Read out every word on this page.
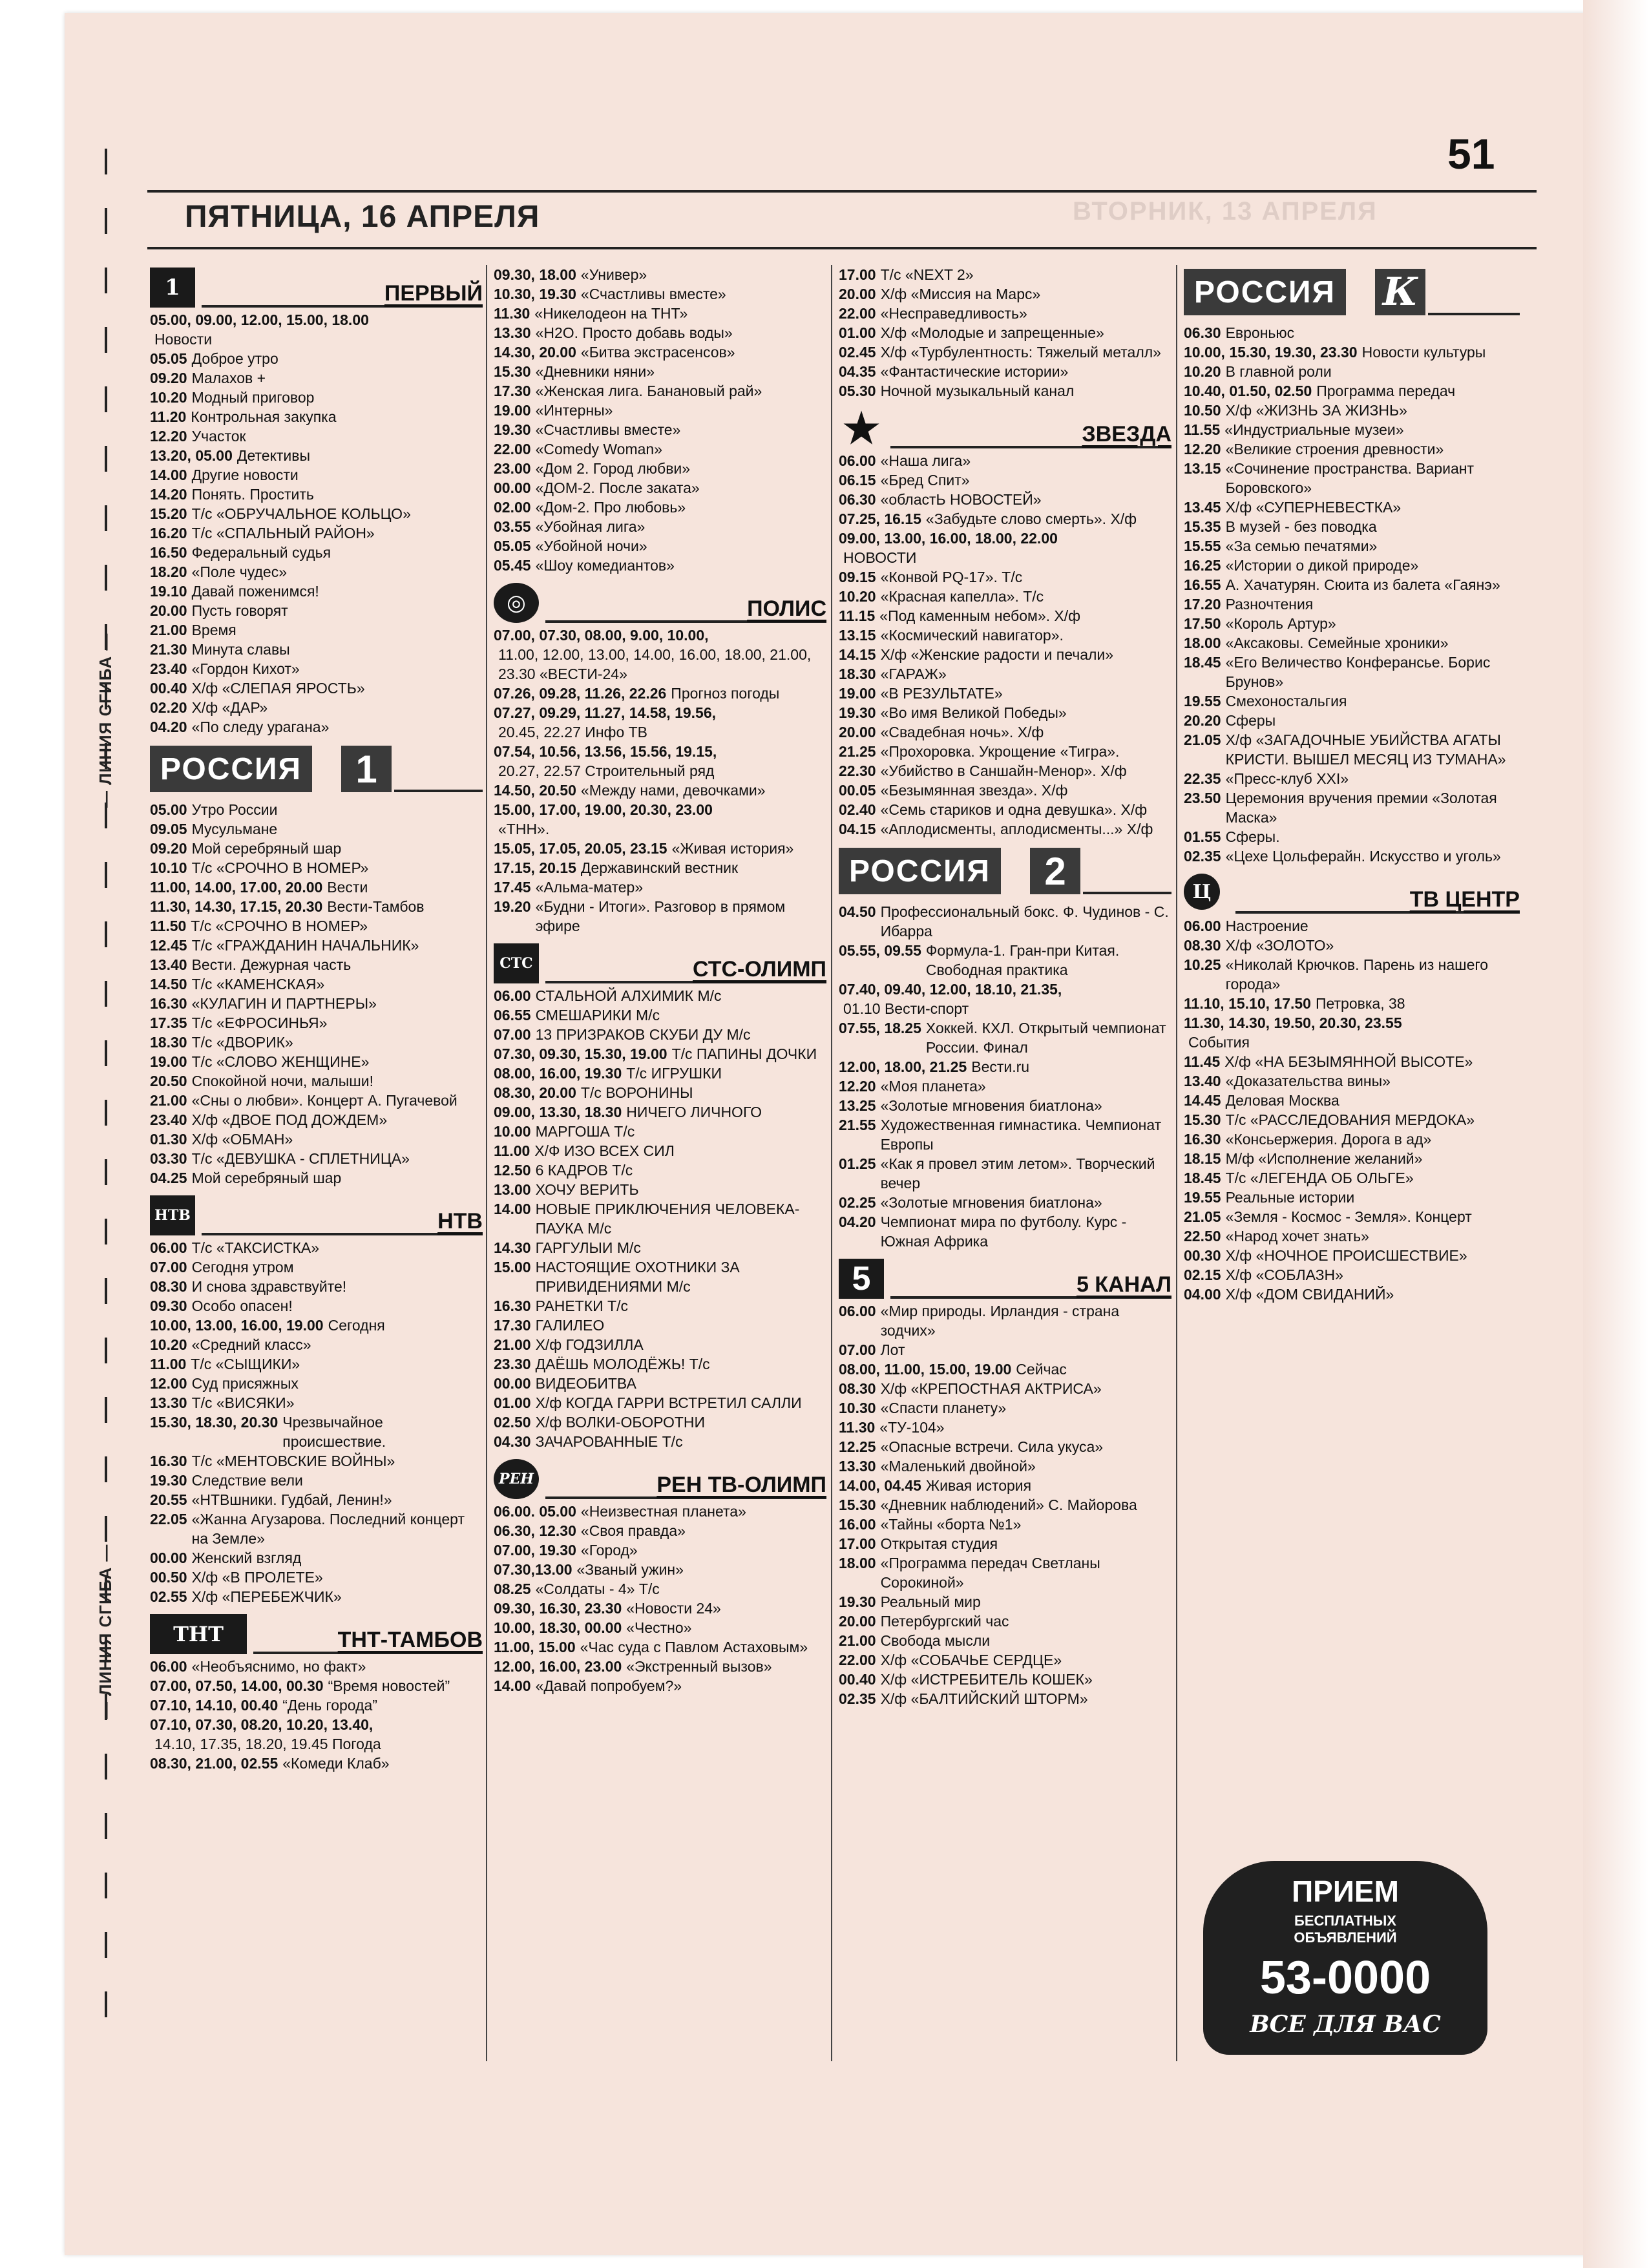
ВТОРНИК, 13 АПРЕЛЯ
— ЛИНИЯ СГИБА —
— ЛИНИЯ СГИБА —
51
ПЯТНИЦА, 16 АПРЕЛЯ
1	ПЕРВЫЙ
05.00, 09.00, 12.00, 15.00, 18.00
Новости
05.05 Доброе утро
09.20 Малахов +
10.20 Модный приговор
11.20 Контрольная закупка
12.20 Участок
13.20, 05.00 Детективы
14.00 Другие новости
14.20 Понять. Простить
15.20 Т/с «ОБРУЧАЛЬНОЕ КОЛЬЦО»
16.20 Т/с «СПАЛЬНЫЙ РАЙОН»
16.50 Федеральный судья
18.20 «Поле чудес»
19.10 Давай поженимся!
20.00 Пусть говорят
21.00 Время
21.30 Минута славы
23.40 «Гордон Кихот»
00.40 Х/ф «СЛЕПАЯ ЯРОСТЬ»
02.20 Х/ф «ДАР»
04.20 «По следу урагана»
РОССИЯ	1
05.00 Утро России
09.05 Мусульмане
09.20 Мой серебряный шар
10.10 Т/с «СРОЧНО В НОМЕР»
11.00, 14.00, 17.00, 20.00 Вести
11.30, 14.30, 17.15, 20.30 Вести-Тамбов
11.50 Т/с «СРОЧНО В НОМЕР»
12.45 Т/с «ГРАЖДАНИН НАЧАЛЬНИК»
13.40 Вести. Дежурная часть
14.50 Т/с «КАМЕНСКАЯ»
16.30 «КУЛАГИН И ПАРТНЕРЫ»
17.35 Т/с «ЕФРОСИНЬЯ»
18.30 Т/с «ДВОРИК»
19.00 Т/с «СЛОВО ЖЕНЩИНЕ»
20.50 Спокойной ночи, малыши!
21.00 «Сны о любви». Концерт А. Пугачевой
23.40 Х/ф «ДВОЕ ПОД ДОЖДЕМ»
01.30 Х/ф «ОБМАН»
03.30 Т/с «ДЕВУШКА - СПЛЕТНИЦА»
04.25 Мой серебряный шар
НТВ	НТВ
06.00 Т/с «ТАКСИСТКА»
07.00 Сегодня утром
08.30 И снова здравствуйте!
09.30 Особо опасен!
10.00, 13.00, 16.00, 19.00 Сегодня
10.20 «Средний класс»
11.00 Т/с «СЫЩИКИ»
12.00 Суд присяжных
13.30 Т/с «ВИСЯКИ»
15.30, 18.30, 20.30 Чрезвычайное происшествие.
16.30 Т/с «МЕНТОВСКИЕ ВОЙНЫ»
19.30 Следствие вели
20.55 «НТВшники. Гудбай, Ленин!»
22.05 «Жанна Агузарова. Последний концерт на Земле»
00.00 Женский взгляд
00.50 Х/ф «В ПРОЛЕТЕ»
02.55 Х/ф «ПЕРЕБЕЖЧИК»
ТНТ	ТНТ-ТАМБОВ
06.00 «Необъяснимо, но факт»
07.00, 07.50, 14.00, 00.30 “Время новостей”
07.10, 14.10, 00.40 “День города”
07.10, 07.30, 08.20, 10.20, 13.40,
14.10, 17.35, 18.20, 19.45 Погода
08.30, 21.00, 02.55 «Комеди Клаб»
09.30, 18.00 «Универ»
10.30, 19.30 «Счастливы вместе»
11.30 «Никелодеон на ТНТ»
13.30 «Н2О. Просто добавь воды»
14.30, 20.00 «Битва экстрасенсов»
15.30 «Дневники няни»
17.30 «Женская лига. Банановый рай»
19.00 «Интерны»
19.30 «Счастливы вместе»
22.00 «Comedy Woman»
23.00 «Дом 2. Город любви»
00.00 «ДОМ-2. После заката»
02.00 «Дом-2. Про любовь»
03.55 «Убойная лига»
05.05 «Убойной ночи»
05.45 «Шоу комедиантов»
◎	ПОЛИС
07.00, 07.30, 08.00, 9.00, 10.00,
11.00, 12.00, 13.00, 14.00, 16.00, 18.00, 21.00, 23.30 «ВЕСТИ-24»
07.26, 09.28, 11.26, 22.26 Прогноз погоды
07.27, 09.29, 11.27, 14.58, 19.56,
20.45, 22.27 Инфо ТВ
07.54, 10.56, 13.56, 15.56, 19.15,
20.27, 22.57 Строительный ряд
14.50, 20.50 «Между нами, девочками»
15.00, 17.00, 19.00, 20.30, 23.00
«ТНН».
15.05, 17.05, 20.05, 23.15 «Живая история»
17.15, 20.15 Державинский вестник
17.45 «Альма-матер»
19.20 «Будни - Итоги». Разговор в прямом эфире
СТС	СТС-ОЛИМП
06.00 СТАЛЬНОЙ АЛХИМИК М/с
06.55 СМЕШАРИКИ М/с
07.00 13 ПРИЗРАКОВ СКУБИ ДУ М/с
07.30, 09.30, 15.30, 19.00 Т/с ПАПИНЫ ДОЧКИ
08.00, 16.00, 19.30 Т/с ИГРУШКИ
08.30, 20.00 Т/с ВОРОНИНЫ
09.00, 13.30, 18.30 НИЧЕГО ЛИЧНОГО
10.00 МАРГОША Т/с
11.00 Х/Ф ИЗО ВСЕХ СИЛ
12.50 6 КАДРОВ Т/с
13.00 ХОЧУ ВЕРИТЬ
14.00 НОВЫЕ ПРИКЛЮЧЕНИЯ ЧЕЛОВЕКА-ПАУКА М/с
14.30 ГАРГУЛЫИ М/с
15.00 НАСТОЯЩИЕ ОХОТНИКИ ЗА ПРИВИДЕНИЯМИ М/с
16.30 РАНЕТКИ Т/с
17.30 ГАЛИЛЕО
21.00 Х/ф ГОДЗИЛЛА
23.30 ДАЁШЬ МОЛОДЁЖЬ! Т/с
00.00 ВИДЕОБИТВА
01.00 Х/ф КОГДА ГАРРИ ВСТРЕТИЛ САЛЛИ
02.50 Х/ф ВОЛКИ-ОБОРОТНИ
04.30 ЗАЧАРОВАННЫЕ Т/с
РЕН	РЕН ТВ-ОЛИМП
06.00. 05.00 «Неизвестная планета»
06.30, 12.30 «Своя правда»
07.00, 19.30 «Город»
07.30,13.00 «Званый ужин»
08.25 «Солдаты - 4» Т/с
09.30, 16.30, 23.30 «Новости 24»
10.00, 18.30, 00.00 «Честно»
11.00, 15.00 «Час суда с Павлом Астаховым»
12.00, 16.00, 23.00 «Экстренный вызов»
14.00 «Давай попробуем?»
17.00 Т/с «NEXT 2»
20.00 Х/ф «Миссия на Марс»
22.00 «Несправедливость»
01.00 Х/ф «Молодые и запрещенные»
02.45 Х/ф «Турбулентность: Тяжелый металл»
04.35 «Фантастические истории»
05.30 Ночной музыкальный канал
★	ЗВЕЗДА
06.00 «Наша лига»
06.15 «Бред Спит»
06.30 «областЬ НОВОСТЕЙ»
07.25, 16.15 «Забудьте слово смерть». Х/ф
09.00, 13.00, 16.00, 18.00, 22.00
НОВОСТИ
09.15 «Конвой PQ-17». Т/с
10.20 «Красная капелла». Т/с
11.15 «Под каменным небом». Х/ф
13.15 «Космический навигатор».
14.15 Х/ф «Женские радости и печали»
18.30 «ГАРАЖ»
19.00 «В РЕЗУЛЬТАТЕ»
19.30 «Во имя Великой Победы»
20.00 «Свадебная ночь». Х/ф
21.25 «Прохоровка. Укрощение «Тигра».
22.30 «Убийство в Саншайн-Менор». Х/ф
00.05 «Безымянная звезда». Х/ф
02.40 «Семь стариков и одна девушка». Х/ф
04.15 «Аплодисменты, аплодисменты...» Х/ф
РОССИЯ	2
04.50 Профессиональный бокс. Ф. Чудинов - С. Ибарра
05.55, 09.55 Формула-1. Гран-при Китая. Свободная практика
07.40, 09.40, 12.00, 18.10, 21.35,
01.10 Вести-спорт
07.55, 18.25 Хоккей. КХЛ. Открытый чемпионат России. Финал
12.00, 18.00, 21.25 Вести.ru
12.20 «Моя планета»
13.25 «Золотые мгновения биатлона»
21.55 Художественная гимнастика. Чемпионат Европы
01.25 «Как я провел этим летом». Творческий вечер
02.25 «Золотые мгновения биатлона»
04.20 Чемпионат мира по футболу. Курс - Южная Африка
5	5 КАНАЛ
06.00 «Мир природы. Ирландия - страна зодчих»
07.00 Лот
08.00, 11.00, 15.00, 19.00 Сейчас
08.30 Х/ф «КРЕПОСТНАЯ АКТРИСА»
10.30 «Спасти планету»
11.30 «ТУ-104»
12.25 «Опасные встречи. Сила укуса»
13.30 «Маленький двойной»
14.00, 04.45 Живая история
15.30 «Дневник наблюдений» С. Майорова
16.00 «Тайны «борта №1»
17.00 Открытая студия
18.00 «Программа передач Светланы Сорокиной»
19.30 Реальный мир
20.00 Петербургский час
21.00 Свобода мысли
22.00 Х/ф «СОБАЧЬЕ СЕРДЦЕ»
00.40 Х/ф «ИСТРЕБИТЕЛЬ КОШЕК»
02.35 Х/ф «БАЛТИЙСКИЙ ШТОРМ»
РОССИЯ К
06.30 Евроньюс
10.00, 15.30, 19.30, 23.30 Новости культуры
10.20 В главной роли
10.40, 01.50, 02.50 Программа передач
10.50 Х/ф «ЖИЗНЬ ЗА ЖИЗНЬ»
11.55 «Индустриальные музеи»
12.20 «Великие строения древности»
13.15 «Сочинение пространства. Вариант Боровского»
13.45 Х/ф «СУПЕРНЕВЕСТКА»
15.35 В музей - без поводка
15.55 «За семью печатями»
16.25 «Истории о дикой природе»
16.55 А. Хачатурян. Сюита из балета «Гаянэ»
17.20 Разночтения
17.50 «Король Артур»
18.00 «Аксаковы. Семейные хроники»
18.45 «Его Величество Конферансье. Борис Брунов»
19.55 Смехоностальгия
20.20 Сферы
21.05 Х/ф «ЗАГАДОЧНЫЕ УБИЙСТВА АГАТЫ КРИСТИ. ВЫШЕЛ МЕСЯЦ ИЗ ТУМАНА»
22.35 «Пресс-клуб XXI»
23.50 Церемония вручения премии «Золотая Маска»
01.55 Сферы.
02.35 «Цехе Цольферайн. Искусство и уголь»
Ц	ТВ ЦЕНТР
06.00 Настроение
08.30 Х/ф «ЗОЛОТО»
10.25 «Николай Крючков. Парень из нашего города»
11.10, 15.10, 17.50 Петровка, 38
11.30, 14.30, 19.50, 20.30, 23.55
События
11.45 Х/ф «НА БЕЗЫМЯННОЙ ВЫСОТЕ»
13.40 «Доказательства вины»
14.45 Деловая Москва
15.30 Т/с «РАССЛЕДОВАНИЯ МЕРДОКА»
16.30 «Консьержерия. Дорога в ад»
18.15 М/ф «Исполнение желаний»
18.45 Т/с «ЛЕГЕНДА ОБ ОЛЬГЕ»
19.55 Реальные истории
21.05 «Земля - Космос - Земля». Концерт
22.50 «Народ хочет знать»
00.30 Х/ф «НОЧНОЕ ПРОИСШЕСТВИЕ»
02.15 Х/ф «СОБЛАЗН»
04.00 Х/ф «ДОМ СВИДАНИЙ»
ПРИЕМ
БЕСПЛАТНЫХ ОБЪЯВЛЕНИЙ
53-0000
ВСЕ ДЛЯ ВАС
